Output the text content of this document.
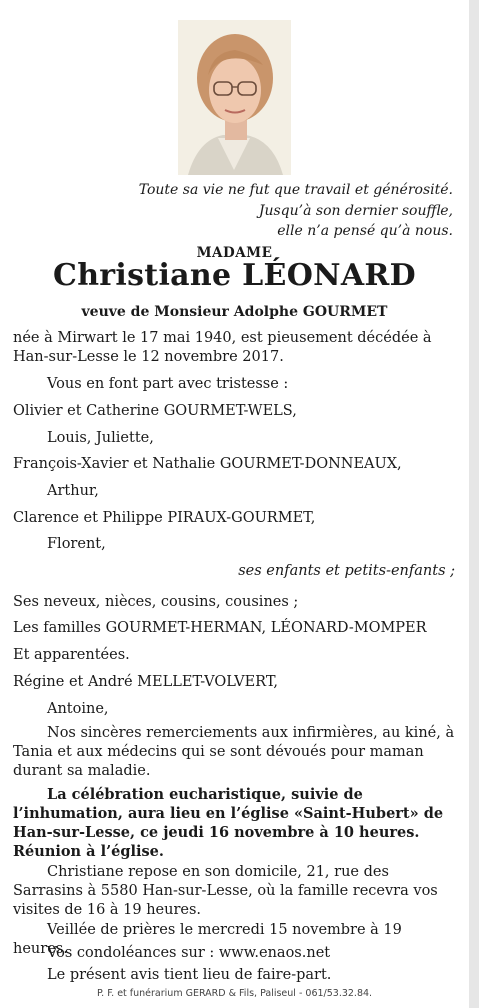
Toute sa vie ne fut que travail et générosité.
Jusqu’à son dernier souffle,
elle n’a pensé qu’à nous.
MADAME
Christiane LÉONARD
veuve de Monsieur Adolphe GOURMET
née à Mirwart le 17 mai 1940, est pieusement décédée à Han-sur-Lesse le 12 novembre 2017.
Vous en font part avec tristesse :
Olivier et Catherine GOURMET-WELS,
Louis, Juliette,
François-Xavier et Nathalie GOURMET-DONNEAUX,
Arthur,
Clarence et Philippe PIRAUX-GOURMET,
Florent,
ses enfants et petits-enfants ;
Ses neveux, nièces, cousins, cousines ;
Les familles GOURMET-HERMAN, LÉONARD-MOMPER
Et apparentées.
Régine et André MELLET-VOLVERT,
Antoine,
Nos sincères remerciements aux infirmières, au kiné, à Tania et aux médecins qui se sont dévoués pour maman durant sa maladie.
La célébration eucharistique, suivie de l’inhumation, aura lieu en l’église «Saint-Hubert» de Han-sur-Lesse, ce jeudi 16 novembre à 10 heures. Réunion à l’église.
Christiane repose en son domicile, 21, rue des Sarrasins à 5580 Han-sur-Lesse, où la famille recevra vos visites de 16 à 19 heures.
Veillée de prières le mercredi 15 novembre à 19 heures.
Vos condoléances sur : www.enaos.net
Le présent avis tient lieu de faire-part.
P. F. et funérarium GERARD & Fils, Paliseul - 061/53.32.84.
